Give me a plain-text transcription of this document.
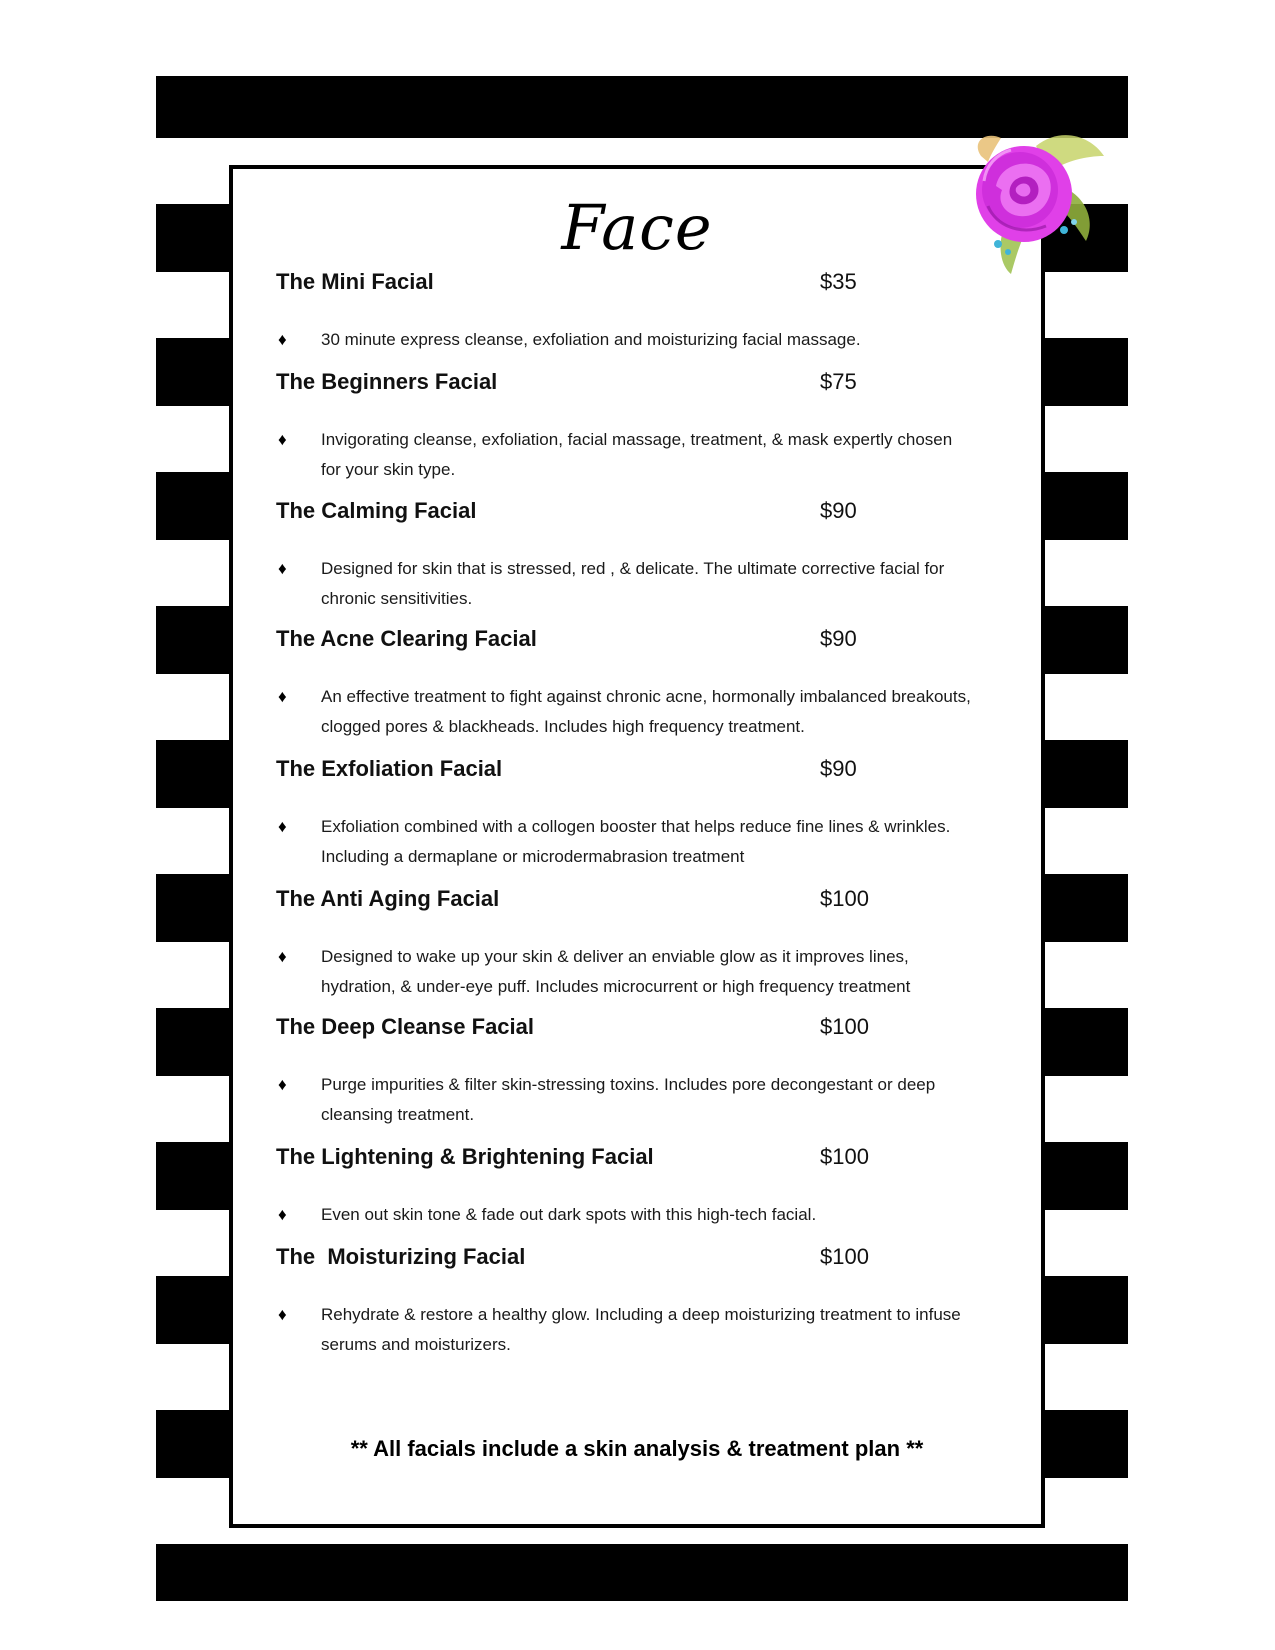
Face
The Mini Facial	$35
♦ 30 minute express cleanse, exfoliation and moisturizing facial massage.
The Beginners Facial	$75
♦ Invigorating cleanse, exfoliation, facial massage, treatment, & mask expertly chosen for your skin type.
The Calming Facial	$90
♦ Designed for skin that is stressed, red , & delicate. The ultimate corrective facial for chronic sensitivities.
The Acne Clearing Facial	$90
♦ An effective treatment to fight against chronic acne, hormonally imbalanced breakouts, clogged pores & blackheads. Includes high frequency treatment.
The Exfoliation Facial	$90
♦ Exfoliation combined with a collogen booster that helps reduce fine lines & wrinkles. Including a dermaplane or microdermabrasion treatment
The Anti Aging Facial	$100
♦ Designed to wake up your skin & deliver an enviable glow as it improves lines, hydration, & under-eye puff. Includes microcurrent or high frequency treatment
The Deep Cleanse Facial	$100
♦ Purge impurities & filter skin-stressing toxins. Includes pore decongestant or deep cleansing treatment.
The Lightening & Brightening Facial	$100
♦ Even out skin tone & fade out dark spots with this high-tech facial.
The  Moisturizing Facial	$100
♦ Rehydrate & restore a healthy glow. Including a deep moisturizing treatment to infuse serums and moisturizers.
** All facials include a skin analysis & treatment plan **
